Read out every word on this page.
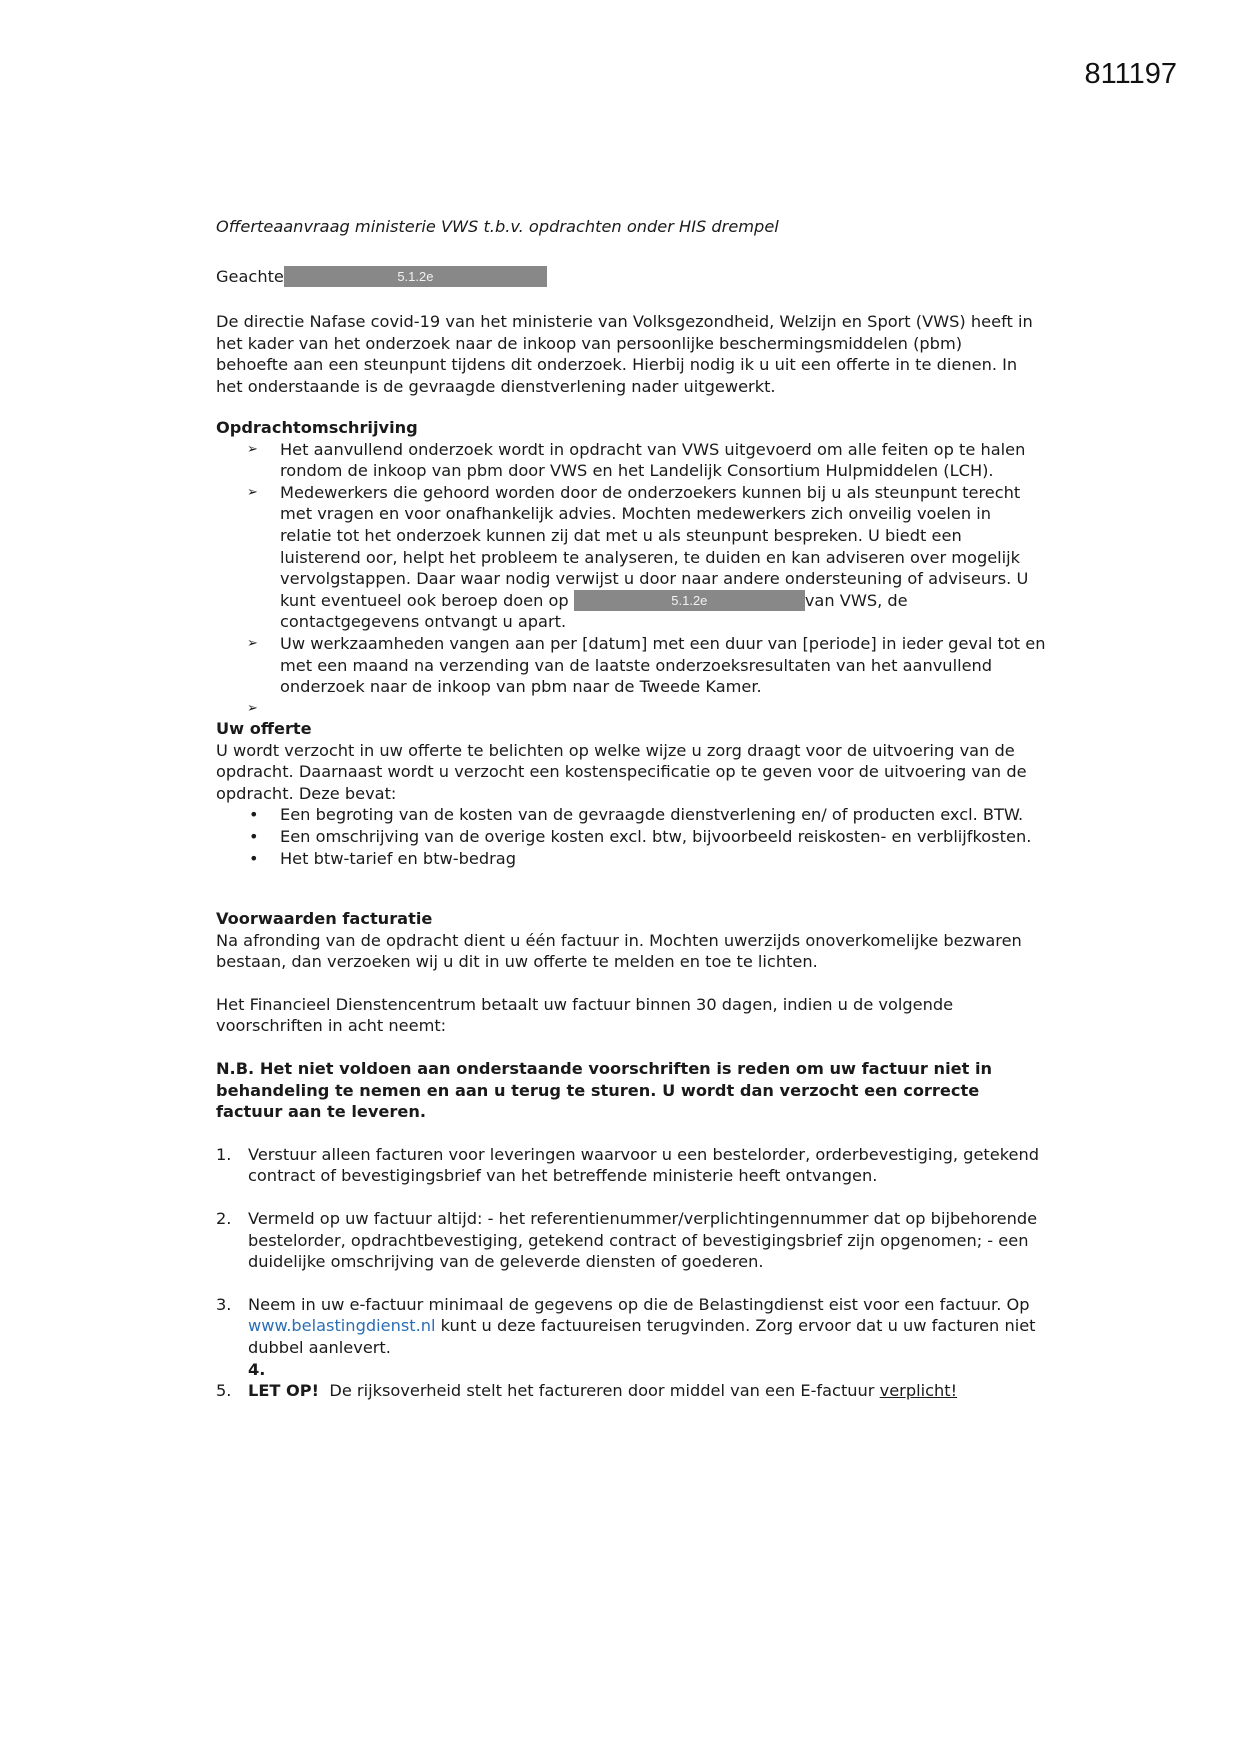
811197
Offerteaanvraag ministerie VWS t.b.v. opdrachten onder HIS drempel
Geachte	5.1.2e

De directie Nafase covid-19 van het ministerie van Volksgezondheid, Welzijn en Sport (VWS) heeft in het kader van het onderzoek naar de inkoop van persoonlijke beschermingsmiddelen (pbm) behoefte aan een steunpunt tijdens dit onderzoek. Hierbij nodig ik u uit een offerte in te dienen. In het onderstaande is de gevraagde dienstverlening nader uitgewerkt.

Opdrachtomschrijving
➢ Het aanvullend onderzoek wordt in opdracht van VWS uitgevoerd om alle feiten op te halen rondom de inkoop van pbm door VWS en het Landelijk Consortium Hulpmiddelen (LCH).
➢ Medewerkers die gehoord worden door de onderzoekers kunnen bij u als steunpunt terecht met vragen en voor onafhankelijk advies. Mochten medewerkers zich onveilig voelen in relatie tot het onderzoek kunnen zij dat met u als steunpunt bespreken. U biedt een luisterend oor, helpt het probleem te analyseren, te duiden en kan adviseren over mogelijk vervolgstappen. Daar waar nodig verwijst u door naar andere ondersteuning of adviseurs. U kunt eventueel ook beroep doen op	5.1.2e	van VWS, de contactgegevens ontvangt u apart.
➢ Uw werkzaamheden vangen aan per [datum] met een duur van [periode] in ieder geval tot en met een maand na verzending van de laatste onderzoeksresultaten van het aanvullend onderzoek naar de inkoop van pbm naar de Tweede Kamer.
➢

Uw offerte

U wordt verzocht in uw offerte te belichten op welke wijze u zorg draagt voor de uitvoering van de opdracht. Daarnaast wordt u verzocht een kostenspecificatie op te geven voor de uitvoering van de opdracht. Deze bevat:

• Een begroting van de kosten van de gevraagde dienstverlening en/ of producten excl. BTW.
• Een omschrijving van de overige kosten excl. btw, bijvoorbeeld reiskosten- en verblijfkosten.
• Het btw-tarief en btw-bedrag
Voorwaarden facturatie

Na afronding van de opdracht dient u één factuur in. Mochten uwerzijds onoverkomelijke bezwaren bestaan, dan verzoeken wij u dit in uw offerte te melden en toe te lichten.

Het Financieel Dienstencentrum betaalt uw factuur binnen 30 dagen, indien u de volgende voorschriften in acht neemt:

N.B. Het niet voldoen aan onderstaande voorschriften is reden om uw factuur niet in behandeling te nemen en aan u terug te sturen. U wordt dan verzocht een correcte factuur aan te leveren.

1. Verstuur alleen facturen voor leveringen waarvoor u een bestelorder, orderbevestiging, getekend contract of bevestigingsbrief van het betreffende ministerie heeft ontvangen.

2. Vermeld op uw factuur altijd: - het referentienummer/verplichtingennummer dat op bijbehorende bestelorder, opdrachtbevestiging, getekend contract of bevestigingsbrief zijn opgenomen; - een duidelijke omschrijving van de geleverde diensten of goederen.

3. Neem in uw e-factuur minimaal de gegevens op die de Belastingdienst eist voor een factuur. Op www.belastingdienst.nl kunt u deze factuureisen terugvinden. Zorg ervoor dat u uw facturen niet dubbel aanlevert.

4.

5. LET OP! De rijksoverheid stelt het factureren door middel van een E-factuur verplicht!
